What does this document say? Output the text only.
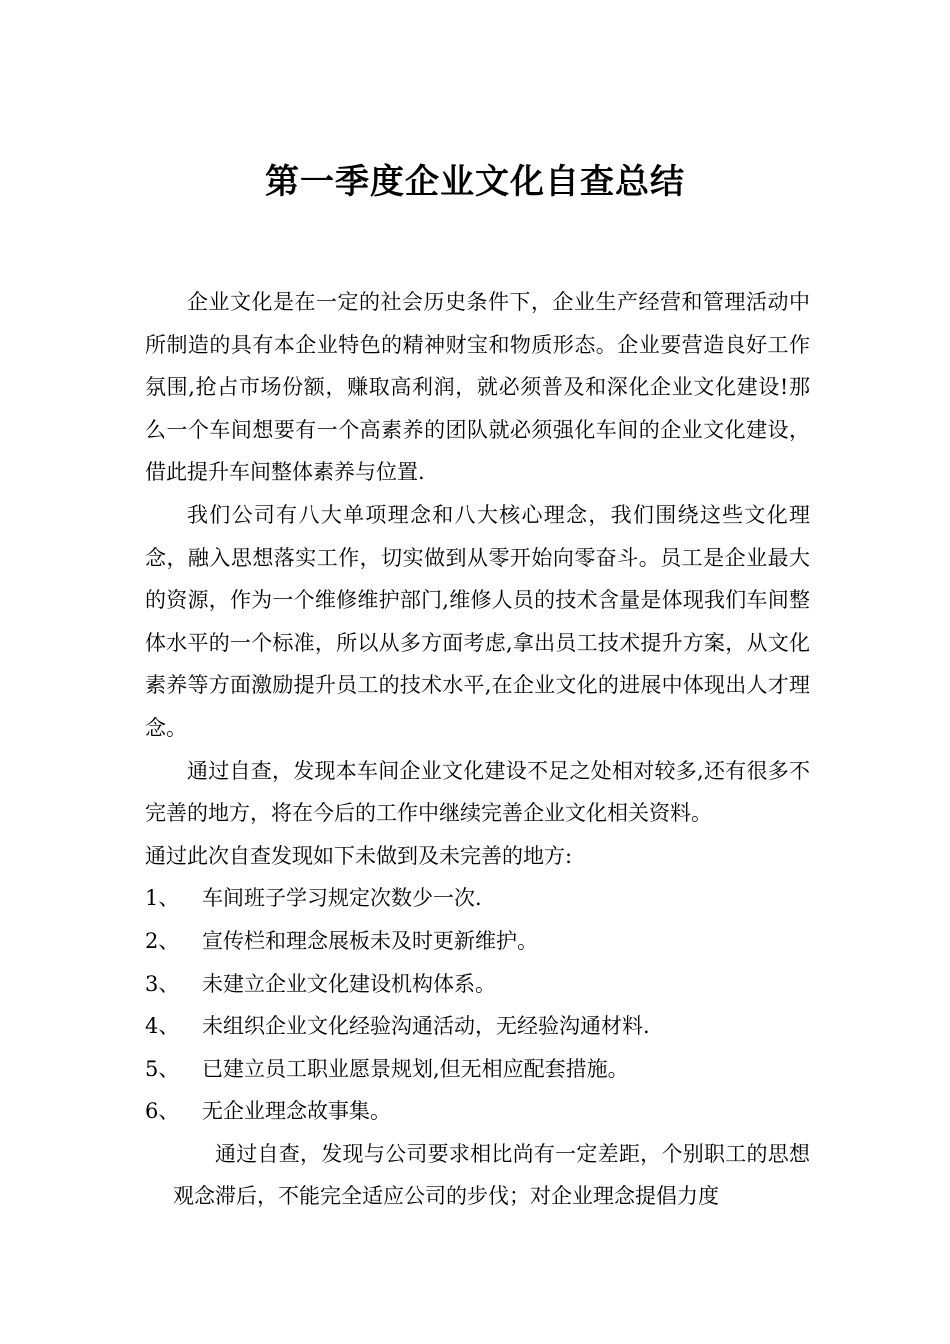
第一季度企业文化自查总结

企业文化是在一定的社会历史条件下，企业生产经营和管理活动中所制造的具有本企业特色的精神财宝和物质形态。企业要营造良好工作氛围,抢占市场份额，赚取高利润，就必须普及和深化企业文化建设!那么一个车间想要有一个高素养的团队就必须强化车间的企业文化建设，借此提升车间整体素养与位置.

我们公司有八大单项理念和八大核心理念，我们围绕这些文化理念，融入思想落实工作，切实做到从零开始向零奋斗。员工是企业最大的资源，作为一个维修维护部门,维修人员的技术含量是体现我们车间整体水平的一个标准，所以从多方面考虑,拿出员工技术提升方案，从文化素养等方面激励提升员工的技术水平,在企业文化的进展中体现出人才理念。

通过自查，发现本车间企业文化建设不足之处相对较多,还有很多不完善的地方，将在今后的工作中继续完善企业文化相关资料。

通过此次自查发现如下未做到及未完善的地方:

1、 车间班子学习规定次数少一次.

2、 宣传栏和理念展板未及时更新维护。

3、 未建立企业文化建设机构体系。

4、 未组织企业文化经验沟通活动，无经验沟通材料.

5、 已建立员工职业愿景规划,但无相应配套措施。

6、 无企业理念故事集。

通过自查，发现与公司要求相比尚有一定差距，个别职工的思想观念滞后，不能完全适应公司的步伐；对企业理念提倡力度
